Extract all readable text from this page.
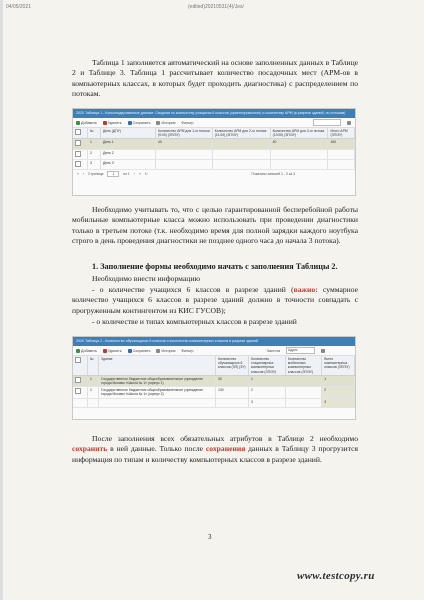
04/05/2021	(edited)20210531(4)/Jes/

Таблица 1 заполняется автоматический на основе заполненных данных в Таблице 2 и Таблице 3. Таблица 1 рассчитывает количество посадочных мест (АРМ-ов в компьютерных классах, в которых будет проходить диагностика) с распределением по потокам.

2020 Таблица 1 - Консолидированные данные. Сводная по количеству учащихся 6 классов (ориентировочное) и количеству АРМ (в разрезе зданий, по потокам)
Добавить	Удалить	Сохранить	История Фильтр
	№	День (ДПУ)	Количество АРМ для 1-го потока (9:00) (ЗП/ЗУ)	Количество АРМ для 2-го потока (11:00) (ЗП/ЗУ)	Количество АРМ для 3-го потока (13:00) (ЗП/ЗУ)	Итого АРМ (ЗП/ЗУ)
	1	День 1	40		40	160
	2	День 2				
	3	День 3				
« ‹ Страница	1	из 1 › » ↻	Показано записей 1 - 3 из 3

Необходимо учитывать то, что с целью гарантированной бесперебойной работы мобильные компьютерные класса можно использовать при проведении диагностики только в третьем потоке (т.к. необходимо время для полной зарядки каждого ноутбука строго в день проведения диагностики не позднее одного часа до начала 3 потока).

1. Заполнение формы необходимо начать с заполнения Таблицы 2.

Необходимо внести информацию

- о количестве учащихся 6 классов в разрезе зданий (важно: суммарное количество учащихся 6 классов в разрезе зданий должно в точности совпадать с прогруженным контингентом из КИС ГУСОВ);

- о количестве и типах компьютерных классов в разрезе зданий

2020 Таблица 2 - Количество обучающихся 6 классов и количество компьютерных классов в разрезе зданий
Добавить	Удалить	Сохранить	История Фильтр	Частота	Адрес
	№	Здание	Количество обучающихся 6 классов (ЗП) (ЗУ)	Количество стационарных компьютерных классов (ЗП/ЗУ)	Количество мобильных компьютерных классов (ЗП/ЗУ)	Всего компьютерных классов (ЗП/ЗУ)
	1	Государственное бюджетное общеобразовательное учреждение города Москвы «Школа № 1» (корпус 1)	30	1		1
	2	Государственное бюджетное общеобразовательное учреждение города Москвы «Школа № 1» (корпус 2)	130	2		2
				3		3

После заполнения всех обязательных атрибутов в Таблице 2 необходимо сохранить в ней данные. Только после сохранения данных в Таблицу 3 прогрузится информация по типам и количеству компьютерных классов в разрезе зданий.

3
www.testcopy.ru
